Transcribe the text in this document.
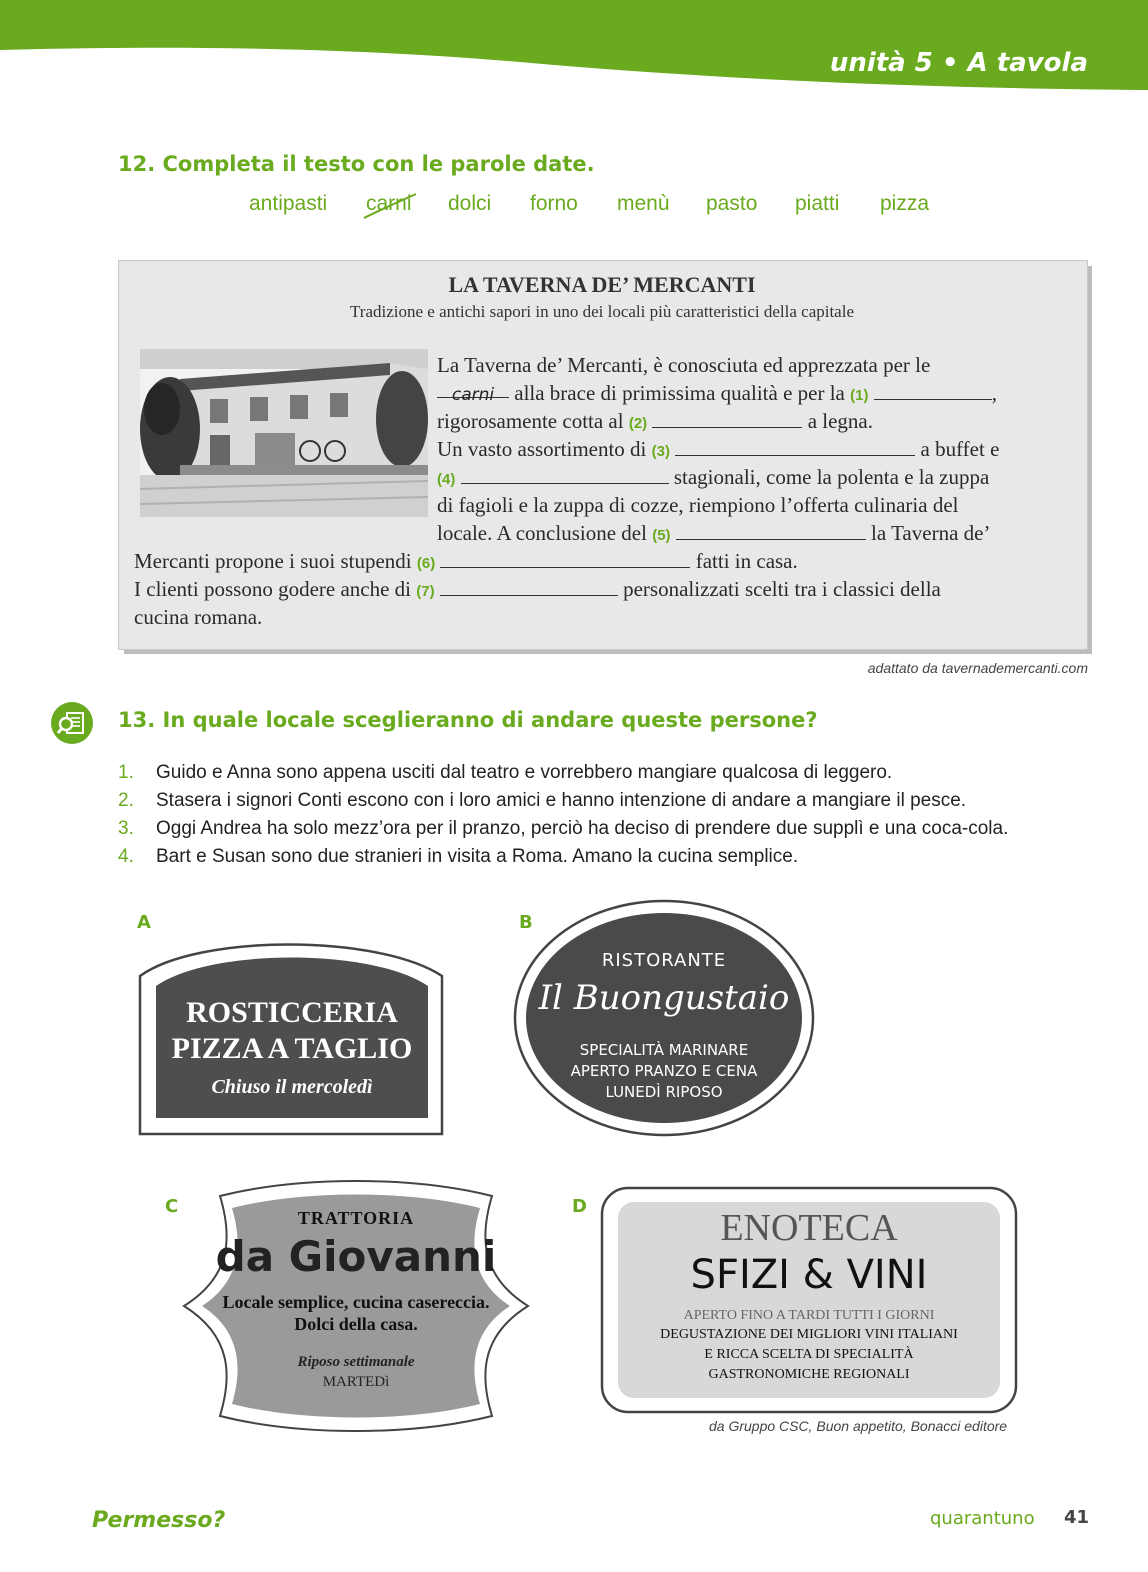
unità 5 • A tavola
12. Completa il testo con le parole date.
antipasti carni dolci forno menù pasto piatti pizza
LA TAVERNA DE’ MERCANTI
Tradizione e antichi sapori in uno dei locali più caratteristici della capitale
La Taverna de’ Mercanti, è conosciuta ed apprezzata per le
carni alla brace di primissima qualità e per la (1)	,
rigorosamente cotta al (2)	a legna.
Un vasto assortimento di (3)	a buffet e
(4)	stagionali, come la polenta e la zuppa
di fagioli e la zuppa di cozze, riempiono l’offerta culinaria del
locale. A conclusione del (5)	la Taverna de’
Mercanti propone i suoi stupendi (6)	fatti in casa.
I clienti possono godere anche di (7)	personalizzati scelti tra i classici della
cucina romana.
adattato da tavernademercanti.com
13. In quale locale sceglieranno di andare queste persone?
1. Guido e Anna sono appena usciti dal teatro e vorrebbero mangiare qualcosa di leggero.
2. Stasera i signori Conti escono con i loro amici e hanno intenzione di andare a mangiare il pesce.
3. Oggi Andrea ha solo mezz’ora per il pranzo, perciò ha deciso di prendere due supplì e una coca-cola.
4. Bart e Susan sono due stranieri in visita a Roma. Amano la cucina semplice.
A
ROSTICCERIA
PIZZA A TAGLIO
Chiuso il mercoledì
B
RISTORANTE
Il Buongustaio
SPECIALITÀ MARINARE
APERTO PRANZO E CENA
LUNEDÌ RIPOSO
C
TRATTORIA
da Giovanni
Locale semplice, cucina casereccia.
Dolci della casa.
Riposo settimanale
MARTEDì
D
ENOTECA
SFIZI & VINI
APERTO FINO A TARDI TUTTI I GIORNI
DEGUSTAZIONE DEI MIGLIORI VINI ITALIANI
E RICCA SCELTA DI SPECIALITÀ
GASTRONOMICHE REGIONALI
da Gruppo CSC, Buon appetito, Bonacci editore
Permesso?	quarantuno 41
